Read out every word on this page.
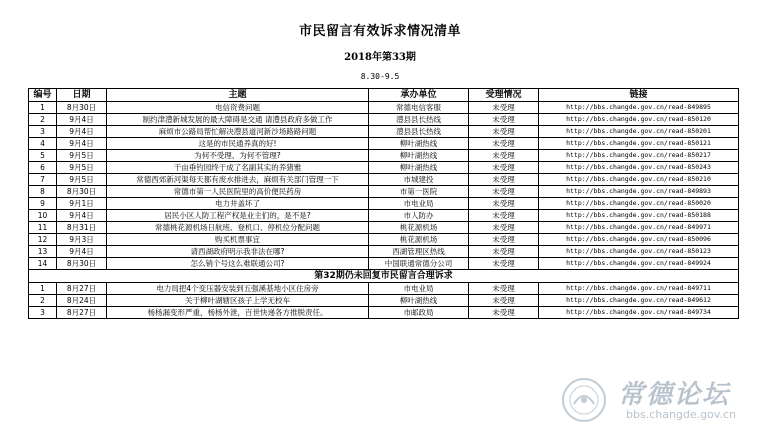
市民留言有效诉求情况清单
2018年第33期
8.30-9.5
编号	日期	主题	承办单位	受理情况	链接
1	8月30日	电信资费问题	常德电信客服	未受理	http://bbs.changde.gov.cn/read-849895
2	9月4日	制约津澧新城发展的最大障碍是交通 请澧县政府多做工作	澧县县长热线	未受理	http://bbs.changde.gov.cn/read-850120
3	9月4日	麻烦市公路局帮忙解决澧县道河新沙场路路问题	澧县县长热线	未受理	http://bbs.changde.gov.cn/read-850201
4	9月4日	这是的市民通养真的好!	柳叶湖热线	未受理	http://bbs.changde.gov.cn/read-850121
5	9月5日	为何不受理、为何不管理?	柳叶湖热线	未受理	http://bbs.changde.gov.cn/read-850217
6	9月5日	干亩垂钓园终于成了名副其实的养猪雅	柳叶湖热线	未受理	http://bbs.changde.gov.cn/read-850243
7	9月5日	常德西郊新河渠每天都有废水排进去，麻烦有关部门管理一下	市城建投	未受理	http://bbs.changde.gov.cn/read-850210
8	8月30日	常德市第一人民医院里的高价便民药房	市第一医院	未受理	http://bbs.changde.gov.cn/read-849893
9	9月1日	电力井盖坏了	市电业局	未受理	http://bbs.changde.gov.cn/read-850020
10	9月4日	居民小区人防工程产权是业主们的，是不是?	市人防办	未受理	http://bbs.changde.gov.cn/read-850188
11	8月31日	常德桃花源机场日航班、登机口、停机位分配问题	桃花源机场	未受理	http://bbs.changde.gov.cn/read-849971
12	9月3日	购买机票事宜	桃花源机场	未受理	http://bbs.changde.gov.cn/read-850096
13	9月4日	请西湖政府明示我非法在哪?	西湖管理区热线	未受理	http://bbs.changde.gov.cn/read-850123
14	8月30日	怎么销个号这么难联通公司?	中国联通常德分公司	未受理	http://bbs.changde.gov.cn/read-849924
第32期仍未回复市民留言合理诉求					
1	8月27日	电力局把4个变压器安装到五强溪基地小区住房旁	市电业局	未受理	http://bbs.changde.gov.cn/read-849711
2	8月24日	关于柳叶湖辖区孩子上学无校车	柳叶湖热线	未受理	http://bbs.changde.gov.cn/read-849612
3	8月27日	杨杨漏变形严重，杨杨外泄，百世快递各方推脱责任。	市邮政局	未受理	http://bbs.changde.gov.cn/read-849734
常德论坛
bbs.changde.gov.cn
